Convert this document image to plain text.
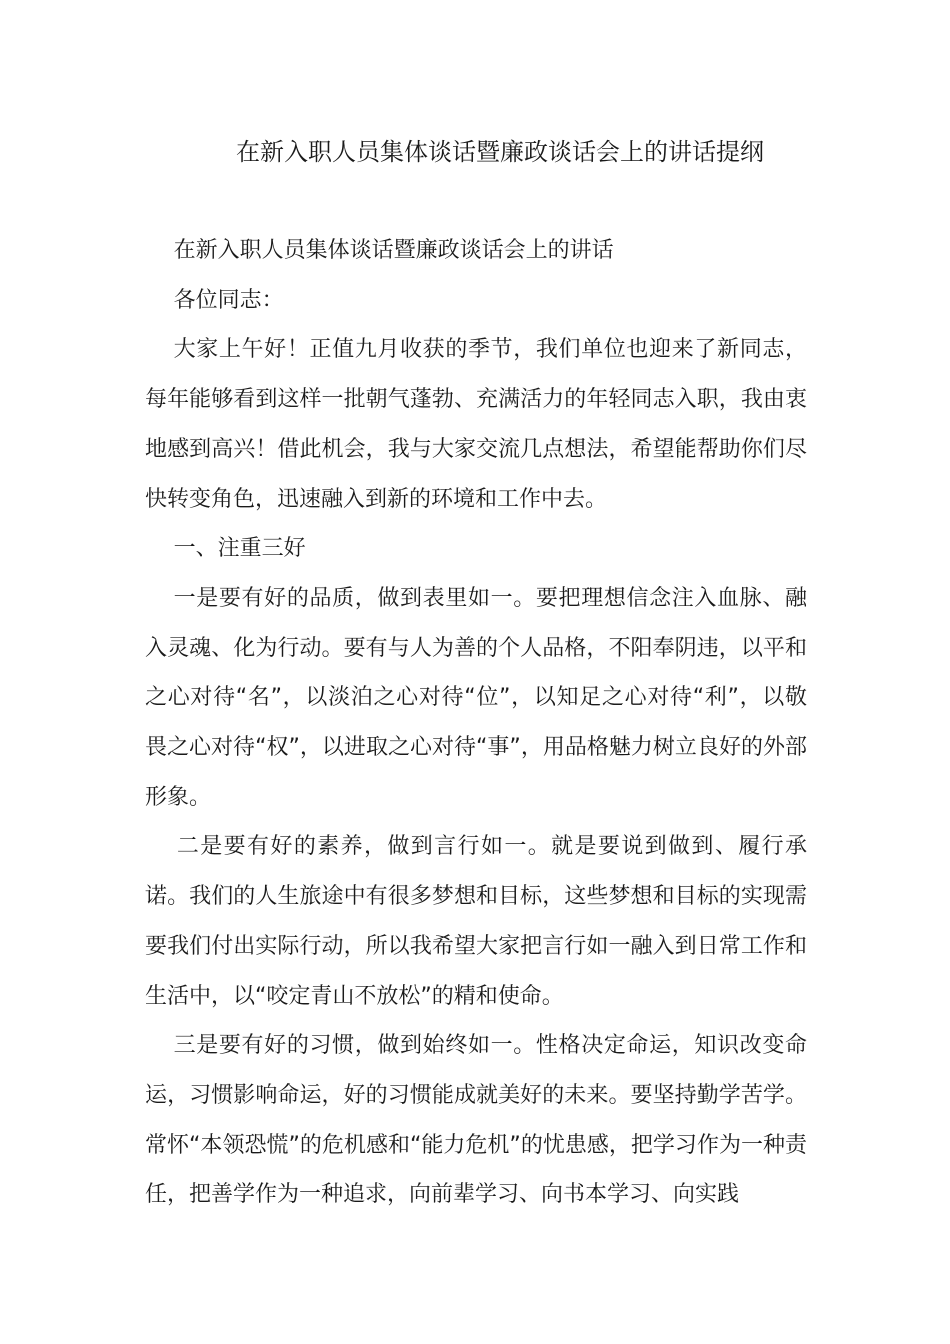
在新入职人员集体谈话暨廉政谈话会上的讲话提纲

在新入职人员集体谈话暨廉政谈话会上的讲话

各位同志：

大家上午好！正值九月收获的季节，我们单位也迎来了新同志，每年能够看到这样一批朝气蓬勃、充满活力的年轻同志入职，我由衷地感到高兴！借此机会，我与大家交流几点想法，希望能帮助你们尽快转变角色，迅速融入到新的环境和工作中去。

一、注重三好

一是要有好的品质，做到表里如一。要把理想信念注入血脉、融入灵魂、化为行动。要有与人为善的个人品格，不阳奉阴违，以平和之心对待“名”，以淡泊之心对待“位”，以知足之心对待“利”，以敬畏之心对待“权”，以进取之心对待“事”，用品格魅力树立良好的外部形象。

二是要有好的素养，做到言行如一。就是要说到做到、履行承诺。我们的人生旅途中有很多梦想和目标，这些梦想和目标的实现需要我们付出实际行动，所以我希望大家把言行如一融入到日常工作和生活中，以“咬定青山不放松”的精和使命。

三是要有好的习惯，做到始终如一。性格决定命运，知识改变命运，习惯影响命运，好的习惯能成就美好的未来。要坚持勤学苦学。常怀“本领恐慌”的危机感和“能力危机”的忧患感，把学习作为一种责任，把善学作为一种追求，向前辈学习、向书本学习、向实践
